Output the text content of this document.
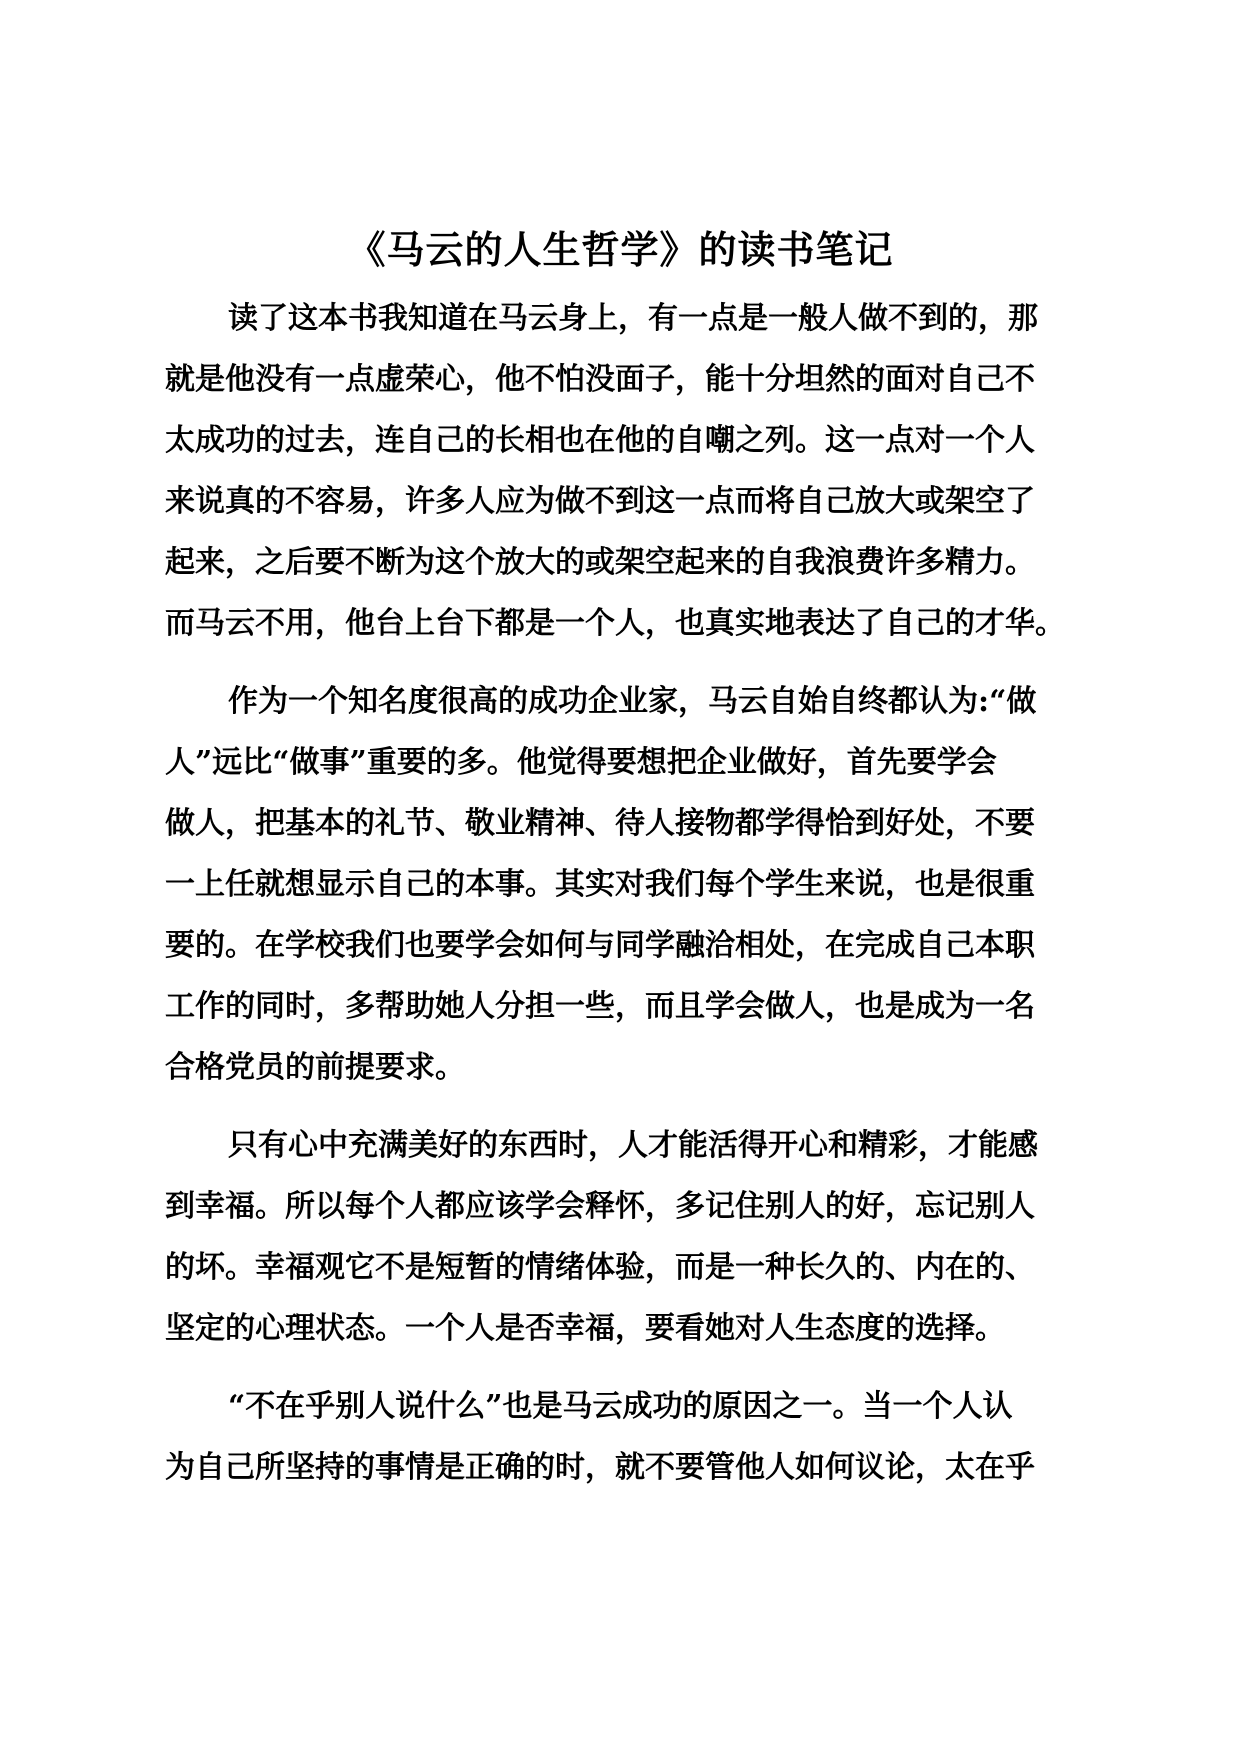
《马云的人生哲学》的读书笔记

读了这本书我知道在马云身上，有一点是一般人做不到的，那

就是他没有一点虚荣心，他不怕没面子，能十分坦然的面对自己不

太成功的过去，连自己的长相也在他的自嘲之列。这一点对一个人

来说真的不容易，许多人应为做不到这一点而将自己放大或架空了

起来，之后要不断为这个放大的或架空起来的自我浪费许多精力。

而马云不用，他台上台下都是一个人，也真实地表达了自己的才华。

作为一个知名度很高的成功企业家，马云自始自终都认为:“做

人”远比“做事”重要的多。他觉得要想把企业做好，首先要学会

做人，把基本的礼节、敬业精神、待人接物都学得恰到好处，不要

一上任就想显示自己的本事。其实对我们每个学生来说，也是很重

要的。在学校我们也要学会如何与同学融洽相处，在完成自己本职

工作的同时，多帮助她人分担一些，而且学会做人，也是成为一名

合格党员的前提要求。

只有心中充满美好的东西时，人才能活得开心和精彩，才能感

到幸福。所以每个人都应该学会释怀，多记住别人的好，忘记别人

的坏。幸福观它不是短暂的情绪体验，而是一种长久的、内在的、

坚定的心理状态。一个人是否幸福，要看她对人生态度的选择。

“不在乎别人说什么”也是马云成功的原因之一。当一个人认

为自己所坚持的事情是正确的时，就不要管他人如何议论，太在乎
